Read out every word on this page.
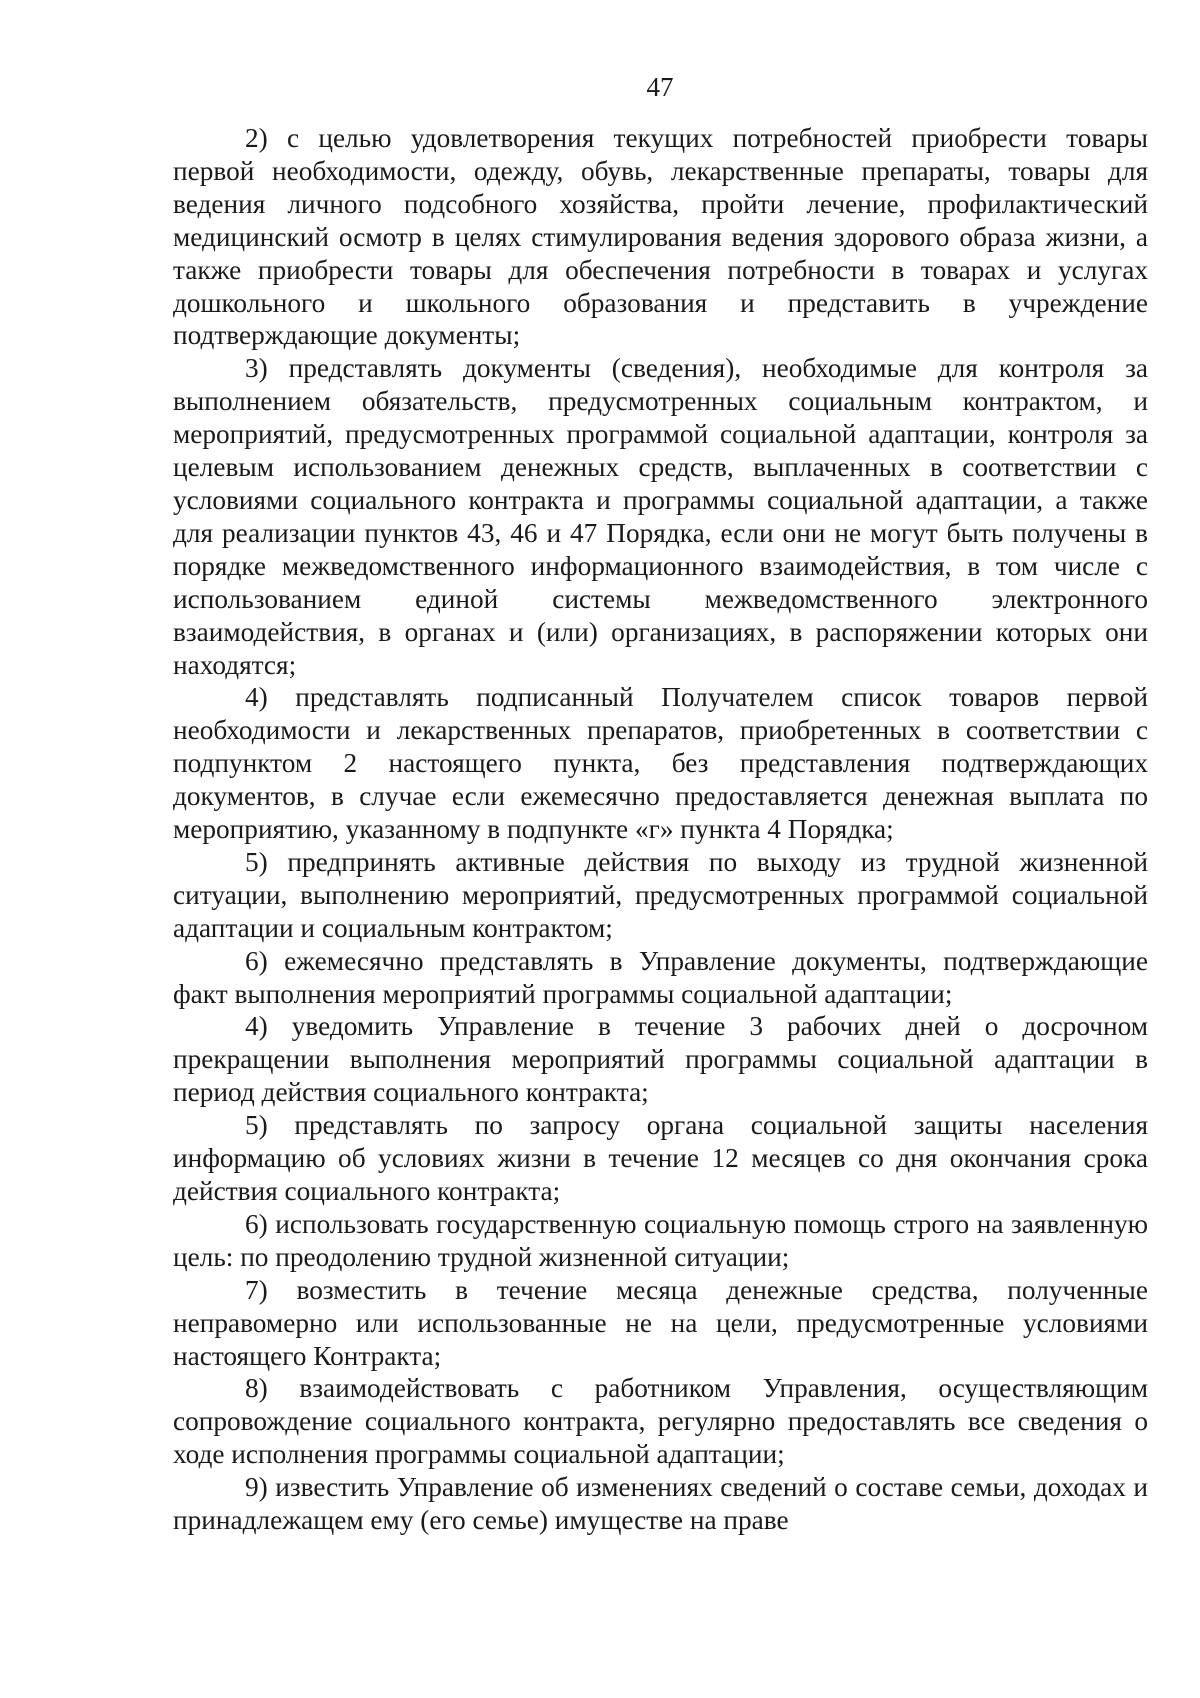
47

2) с целью удовлетворения текущих потребностей приобрести товары первой необходимости, одежду, обувь, лекарственные препараты, товары для ведения личного подсобного хозяйства, пройти лечение, профилактический медицинский осмотр в целях стимулирования ведения здорового образа жизни, а также приобрести товары для обеспечения потребности в товарах и услугах дошкольного и школьного образования и представить в учреждение подтверждающие документы;

3) представлять документы (сведения), необходимые для контроля за выполнением обязательств, предусмотренных социальным контрактом, и мероприятий, предусмотренных программой социальной адаптации, контроля за целевым использованием денежных средств, выплаченных в соответствии с условиями социального контракта и программы социальной адаптации, а также для реализации пунктов 43, 46 и 47 Порядка, если они не могут быть получены в порядке межведомственного информационного взаимодействия, в том числе с использованием единой системы межведомственного электронного взаимодействия, в органах и (или) организациях, в распоряжении которых они находятся;

4) представлять подписанный Получателем список товаров первой необходимости и лекарственных препаратов, приобретенных в соответствии с подпунктом 2 настоящего пункта, без представления подтверждающих документов, в случае если ежемесячно предоставляется денежная выплата по мероприятию, указанному в подпункте «г» пункта 4 Порядка;

5) предпринять активные действия по выходу из трудной жизненной ситуации, выполнению мероприятий, предусмотренных программой социальной адаптации и социальным контрактом;

6) ежемесячно представлять в Управление документы, подтверждающие факт выполнения мероприятий программы социальной адаптации;

4) уведомить Управление в течение 3 рабочих дней о досрочном прекращении выполнения мероприятий программы социальной адаптации в период действия социального контракта;

5) представлять по запросу органа социальной защиты населения информацию об условиях жизни в течение 12 месяцев со дня окончания срока действия социального контракта;

6) использовать государственную социальную помощь строго на заявленную цель: по преодолению трудной жизненной ситуации;

7) возместить в течение месяца денежные средства, полученные неправомерно или использованные не на цели, предусмотренные условиями настоящего Контракта;

8) взаимодействовать с работником Управления, осуществляющим сопровождение социального контракта, регулярно предоставлять все сведения о ходе исполнения программы социальной адаптации;

9) известить Управление об изменениях сведений о составе семьи, доходах и принадлежащем ему (его семье) имуществе на праве
